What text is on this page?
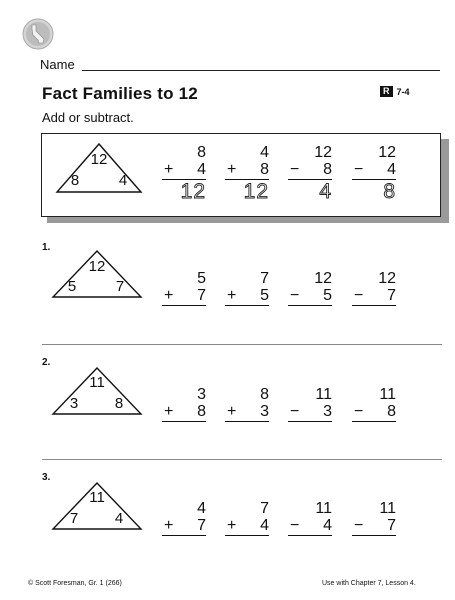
Name
Fact Families to 12	R 7-4
Add or subtract.
12
8	4
8
+	4
12
4
+	8
12
12
−	8
4
12
−	4
8
1.
12
5	7	5
+	7
7
+	5
12
−	5
12
−	7
2.
11
3 8
3
+	8
8
+	3
11
−	3
11
−	8
3.
11
7 4
4
+	7
7
+	4
11
−	4
11
−	7
© Scott Foresman, Gr. 1 (266)	Use with Chapter 7, Lesson 4.
